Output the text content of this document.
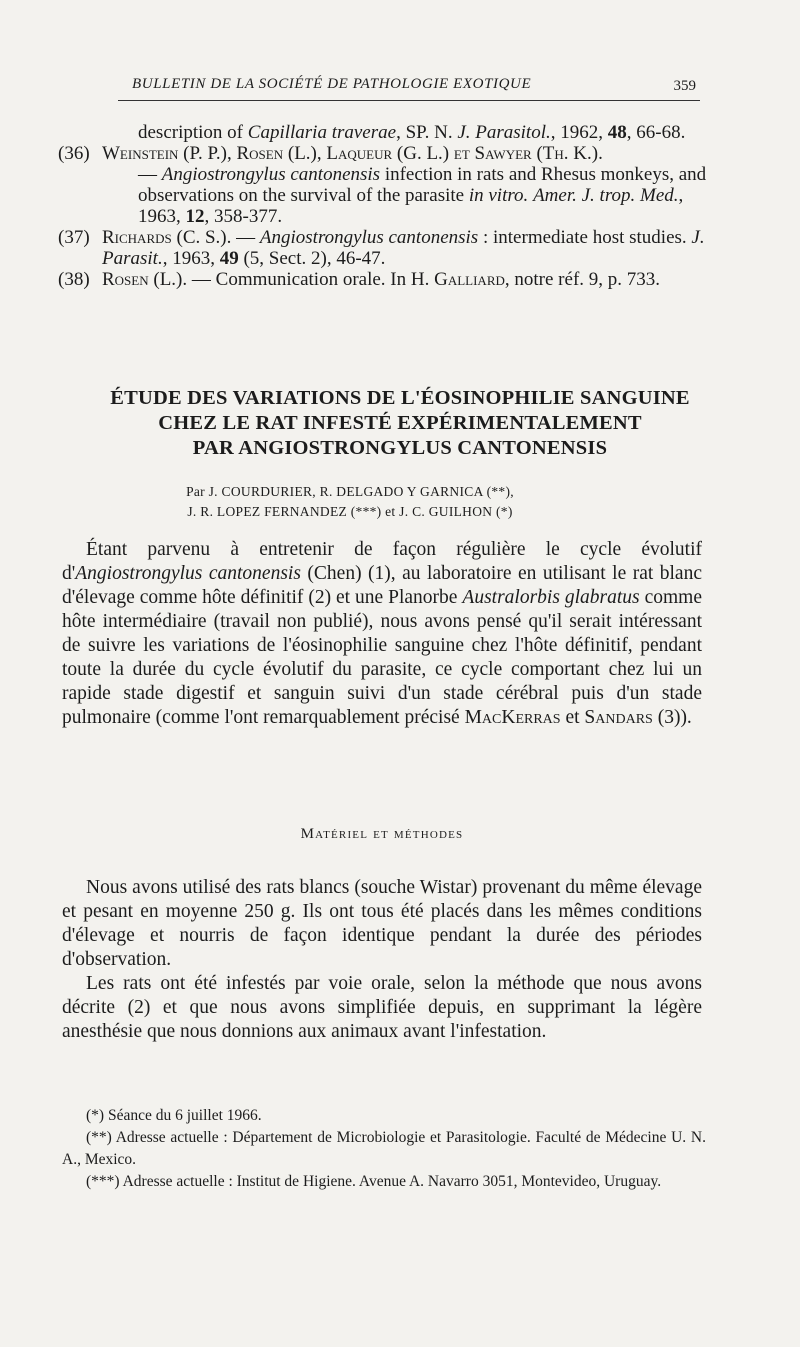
BULLETIN DE LA SOCIÉTÉ DE PATHOLOGIE EXOTIQUE	359

description of Capillaria traverae, SP. N. J. Parasitol., 1962, 48, 66-68.

(36) Weinstein (P. P.), Rosen (L.), Laqueur (G. L.) et Sawyer (Th. K.).

— Angiostrongylus cantonensis infection in rats and Rhesus monkeys, and observations on the survival of the parasite in vitro. Amer. J. trop. Med., 1963, 12, 358-377.

(37) Richards (C. S.). — Angiostrongylus cantonensis : intermediate host studies. J. Parasit., 1963, 49 (5, Sect. 2), 46-47.

(38) Rosen (L.). — Communication orale. In H. Galliard, notre réf. 9, p. 733.

ÉTUDE DES VARIATIONS DE L'ÉOSINOPHILIE SANGUINE
CHEZ LE RAT INFESTÉ EXPÉRIMENTALEMENT
PAR ANGIOSTRONGYLUS CANTONENSIS
Par J. COURDURIER, R. DELGADO Y GARNICA (**),
J. R. LOPEZ FERNANDEZ (***) et J. C. GUILHON (*)

Étant parvenu à entretenir de façon régulière le cycle évolutif d'Angiostrongylus cantonensis (Chen) (1), au laboratoire en utilisant le rat blanc d'élevage comme hôte définitif (2) et une Planorbe Australorbis glabratus comme hôte intermédiaire (travail non publié), nous avons pensé qu'il serait intéressant de suivre les variations de l'éosinophilie sanguine chez l'hôte définitif, pendant toute la durée du cycle évolutif du parasite, ce cycle comportant chez lui un rapide stade digestif et sanguin suivi d'un stade cérébral puis d'un stade pulmonaire (comme l'ont remarquablement précisé MacKerras et Sandars (3)).

Matériel et méthodes

Nous avons utilisé des rats blancs (souche Wistar) provenant du même élevage et pesant en moyenne 250 g. Ils ont tous été placés dans les mêmes conditions d'élevage et nourris de façon identique pendant la durée des périodes d'observation.

Les rats ont été infestés par voie orale, selon la méthode que nous avons décrite (2) et que nous avons simplifiée depuis, en supprimant la légère anesthésie que nous donnions aux animaux avant l'infestation.

(*) Séance du 6 juillet 1966.

(**) Adresse actuelle : Département de Microbiologie et Parasitologie. Faculté de Médecine U. N. A., Mexico.

(***) Adresse actuelle : Institut de Higiene. Avenue A. Navarro 3051, Montevideo, Uruguay.
